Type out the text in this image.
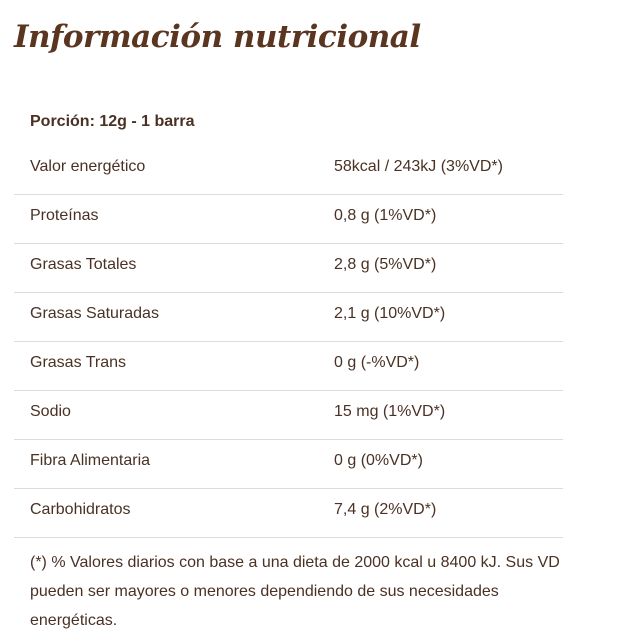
Información nutricional
Porción: 12g - 1 barra
Valor energético	58kcal / 243kJ (3%VD*)
Proteínas	0,8 g (1%VD*)
Grasas Totales	2,8 g (5%VD*)
Grasas Saturadas	2,1 g (10%VD*)
Grasas Trans	0 g (-%VD*)
Sodio	15 mg (1%VD*)
Fibra Alimentaria	0 g (0%VD*)
Carbohidratos	7,4 g (2%VD*)

(*) % Valores diarios con base a una dieta de 2000 kcal u 8400 kJ. Sus VD pueden ser mayores o menores dependiendo de sus necesidades energéticas.
